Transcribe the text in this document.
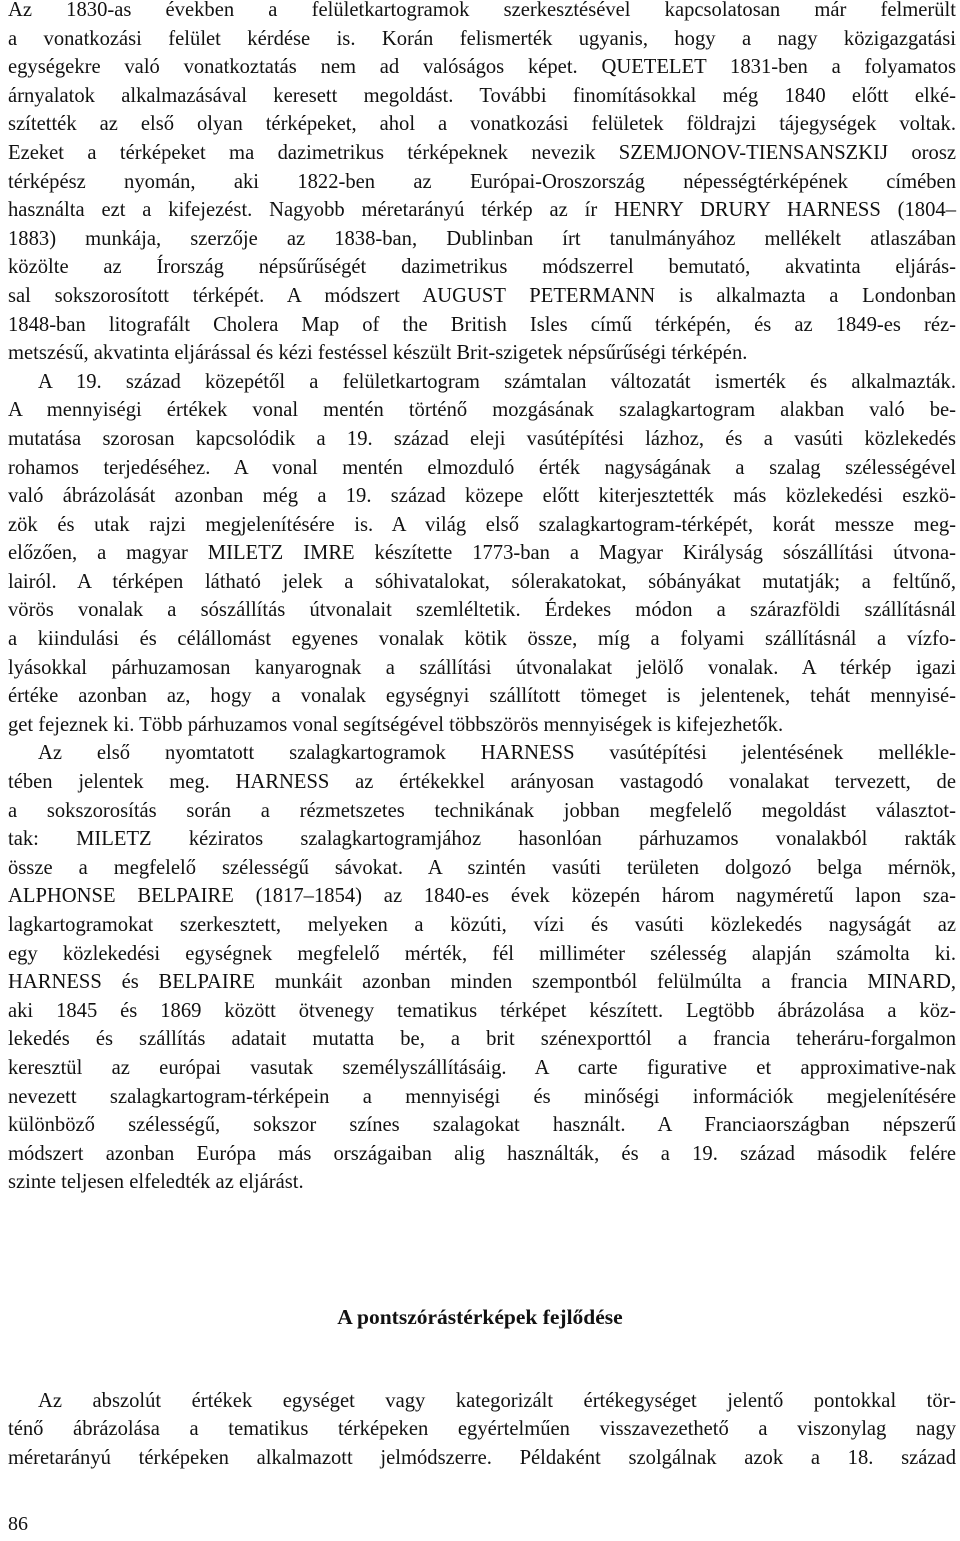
Az 1830-as években a felületkartogramok szerkesztésével kapcsolatosan már felmerült
a vonatkozási felület kérdése is. Korán felismerték ugyanis, hogy a nagy közigazgatási
egységekre való vonatkoztatás nem ad valóságos képet. QUETELET 1831-ben a folyamatos
árnyalatok alkalmazásával keresett megoldást. További finomításokkal még 1840 előtt elké-
szítették az első olyan térképeket, ahol a vonatkozási felületek földrajzi tájegységek voltak.
Ezeket a térképeket ma dazimetrikus térképeknek nevezik SZEMJONOV-TIENSANSZKIJ orosz
térképész nyomán, aki 1822-ben az Európai-Oroszország népességtérképének címében
használta ezt a kifejezést. Nagyobb méretarányú térkép az ír HENRY DRURY HARNESS (1804–
1883) munkája, szerzője az 1838-ban, Dublinban írt tanulmányához mellékelt atlaszában
közölte az Írország népsűrűségét dazimetrikus módszerrel bemutató, akvatinta eljárás-
sal sokszorosított térképét. A módszert AUGUST PETERMANN is alkalmazta a Londonban
1848-ban litografált Cholera Map of the British Isles című térképén, és az 1849-es réz-
metszésű, akvatinta eljárással és kézi festéssel készült Brit-szigetek népsűrűségi térképén.

A 19. század közepétől a felületkartogram számtalan változatát ismerték és alkalmazták.
A mennyiségi értékek vonal mentén történő mozgásának szalagkartogram alakban való be-
mutatása szorosan kapcsolódik a 19. század eleji vasútépítési lázhoz, és a vasúti közlekedés
rohamos terjedéséhez. A vonal mentén elmozduló érték nagyságának a szalag szélességével
való ábrázolását azonban még a 19. század közepe előtt kiterjesztették más közlekedési eszkö-
zök és utak rajzi megjelenítésére is. A világ első szalagkartogram-térképét, korát messze meg-
előzően, a magyar MILETZ IMRE készítette 1773-ban a Magyar Királyság sószállítási útvona-
lairól. A térképen látható jelek a sóhivatalokat, sólerakatokat, sóbányákat mutatják; a feltűnő,
vörös vonalak a sószállítás útvonalait szemléltetik. Érdekes módon a szárazföldi szállításnál
a kiindulási és célállomást egyenes vonalak kötik össze, míg a folyami szállításnál a vízfo-
lyásokkal párhuzamosan kanyarognak a szállítási útvonalakat jelölő vonalak. A térkép igazi
értéke azonban az, hogy a vonalak egységnyi szállított tömeget is jelentenek, tehát mennyisé-
get fejeznek ki. Több párhuzamos vonal segítségével többszörös mennyiségek is kifejezhetők.

Az első nyomtatott szalagkartogramok HARNESS vasútépítési jelentésének mellékle-
tében jelentek meg. HARNESS az értékekkel arányosan vastagodó vonalakat tervezett, de
a sokszorosítás során a rézmetszetes technikának jobban megfelelő megoldást választot-
tak: MILETZ kéziratos szalagkartogramjához hasonlóan párhuzamos vonalakból rakták
össze a megfelelő szélességű sávokat. A szintén vasúti területen dolgozó belga mérnök,
ALPHONSE BELPAIRE (1817–1854) az 1840-es évek közepén három nagyméretű lapon sza-
lagkartogramokat szerkesztett, melyeken a közúti, vízi és vasúti közlekedés nagyságát az
egy közlekedési egységnek megfelelő mérték, fél milliméter szélesség alapján számolta ki.
HARNESS és BELPAIRE munkáit azonban minden szempontból felülmúlta a francia MINARD,
aki 1845 és 1869 között ötvenegy tematikus térképet készített. Legtöbb ábrázolása a köz-
lekedés és szállítás adatait mutatta be, a brit szénexporttól a francia teheráru-forgalmon
keresztül az európai vasutak személyszállításáig. A carte figurative et approximative-nak
nevezett szalagkartogram-térképein a mennyiségi és minőségi információk megjelenítésére
különböző szélességű, sokszor színes szalagokat használt. A Franciaországban népszerű
módszert azonban Európa más országaiban alig használták, és a 19. század második felére
szinte teljesen elfeledték az eljárást.

A pontszórástérképek fejlődése

Az abszolút értékek egységet vagy kategorizált értékegységet jelentő pontokkal tör-
ténő ábrázolása a tematikus térképeken egyértelműen visszavezethető a viszonylag nagy
méretarányú térképeken alkalmazott jelmódszerre. Példaként szolgálnak azok a 18. század

86
